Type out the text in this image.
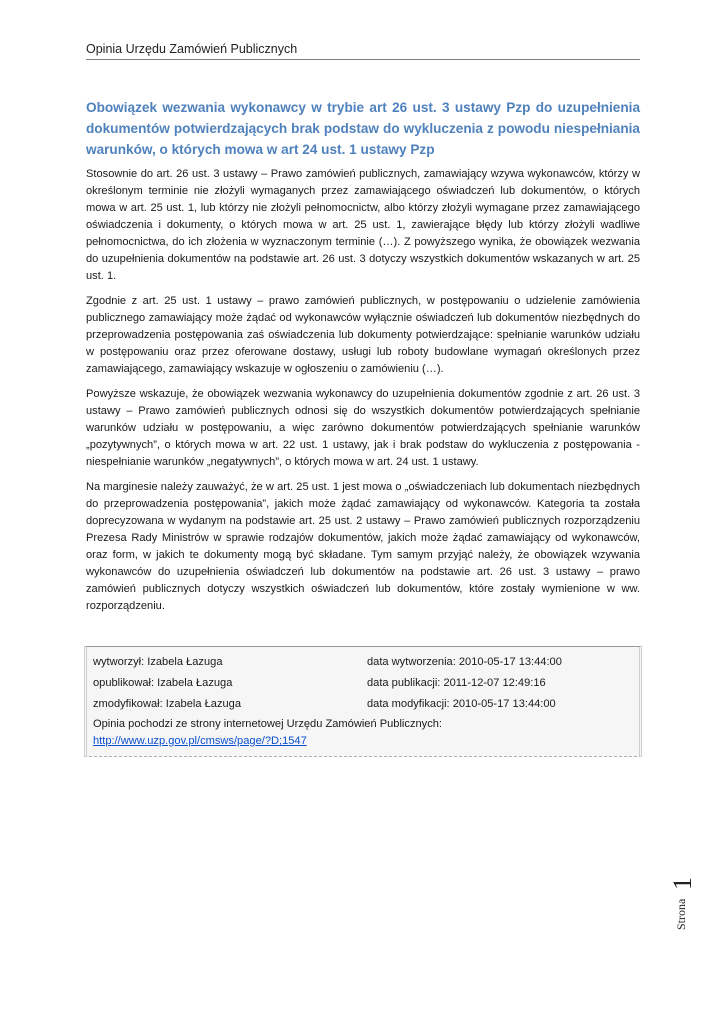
Opinia Urzędu Zamówień Publicznych
Obowiązek wezwania wykonawcy w trybie art 26 ust. 3 ustawy Pzp do uzupełnienia dokumentów potwierdzających brak podstaw do wykluczenia z powodu niespełniania warunków, o których mowa w art 24 ust. 1 ustawy Pzp

Stosownie do art. 26 ust. 3 ustawy – Prawo zamówień publicznych, zamawiający wzywa wykonawców, którzy w określonym terminie nie złożyli wymaganych przez zamawiającego oświadczeń lub dokumentów, o których mowa w art. 25 ust. 1, lub którzy nie złożyli pełnomocnictw, albo którzy złożyli wymagane przez zamawiającego oświadczenia i dokumenty, o których mowa w art. 25 ust. 1, zawierające błędy lub którzy złożyli wadliwe pełnomocnictwa, do ich złożenia w wyznaczonym terminie (…). Z powyższego wynika, że obowiązek wezwania do uzupełnienia dokumentów na podstawie art. 26 ust. 3 dotyczy wszystkich dokumentów wskazanych w art. 25 ust. 1.

Zgodnie z art. 25 ust. 1 ustawy – prawo zamówień publicznych, w postępowaniu o udzielenie zamówienia publicznego zamawiający może żądać od wykonawców wyłącznie oświadczeń lub dokumentów niezbędnych do przeprowadzenia postępowania zaś oświadczenia lub dokumenty potwierdzające: spełnianie warunków udziału w postępowaniu oraz przez oferowane dostawy, usługi lub roboty budowlane wymagań określonych przez zamawiającego, zamawiający wskazuje w ogłoszeniu o zamówieniu (…).

Powyższe wskazuje, że obowiązek wezwania wykonawcy do uzupełnienia dokumentów zgodnie z art. 26 ust. 3 ustawy – Prawo zamówień publicznych odnosi się do wszystkich dokumentów potwierdzających spełnianie warunków udziału w postępowaniu, a więc zarówno dokumentów potwierdzających spełnianie warunków „pozytywnych”, o których mowa w art. 22 ust. 1 ustawy, jak i brak podstaw do wykluczenia z postępowania - niespełnianie warunków „negatywnych”, o których mowa w art. 24 ust. 1 ustawy.

Na marginesie należy zauważyć, że w art. 25 ust. 1 jest mowa o „oświadczeniach lub dokumentach niezbędnych do przeprowadzenia postępowania”, jakich może żądać zamawiający od wykonawców. Kategoria ta została doprecyzowana w wydanym na podstawie art. 25 ust. 2 ustawy – Prawo zamówień publicznych rozporządzeniu Prezesa Rady Ministrów w sprawie rodzajów dokumentów, jakich może żądać zamawiający od wykonawców, oraz form, w jakich te dokumenty mogą być składane. Tym samym przyjąć należy, że obowiązek wzywania wykonawców do uzupełnienia oświadczeń lub dokumentów na podstawie art. 26 ust. 3 ustawy – prawo zamówień publicznych dotyczy wszystkich oświadczeń lub dokumentów, które zostały wymienione w ww. rozporządzeniu.

wytworzył: Izabela Łazuga	data wytworzenia: 2010-05-17 13:44:00
opublikował: Izabela Łazuga	data publikacji: 2011-12-07 12:49:16
zmodyfikował: Izabela Łazuga	data modyfikacji: 2010-05-17 13:44:00
Opinia pochodzi ze strony internetowej Urzędu Zamówień Publicznych:
http://www.uzp.gov.pl/cmsws/page/?D;1547
Strona
1
